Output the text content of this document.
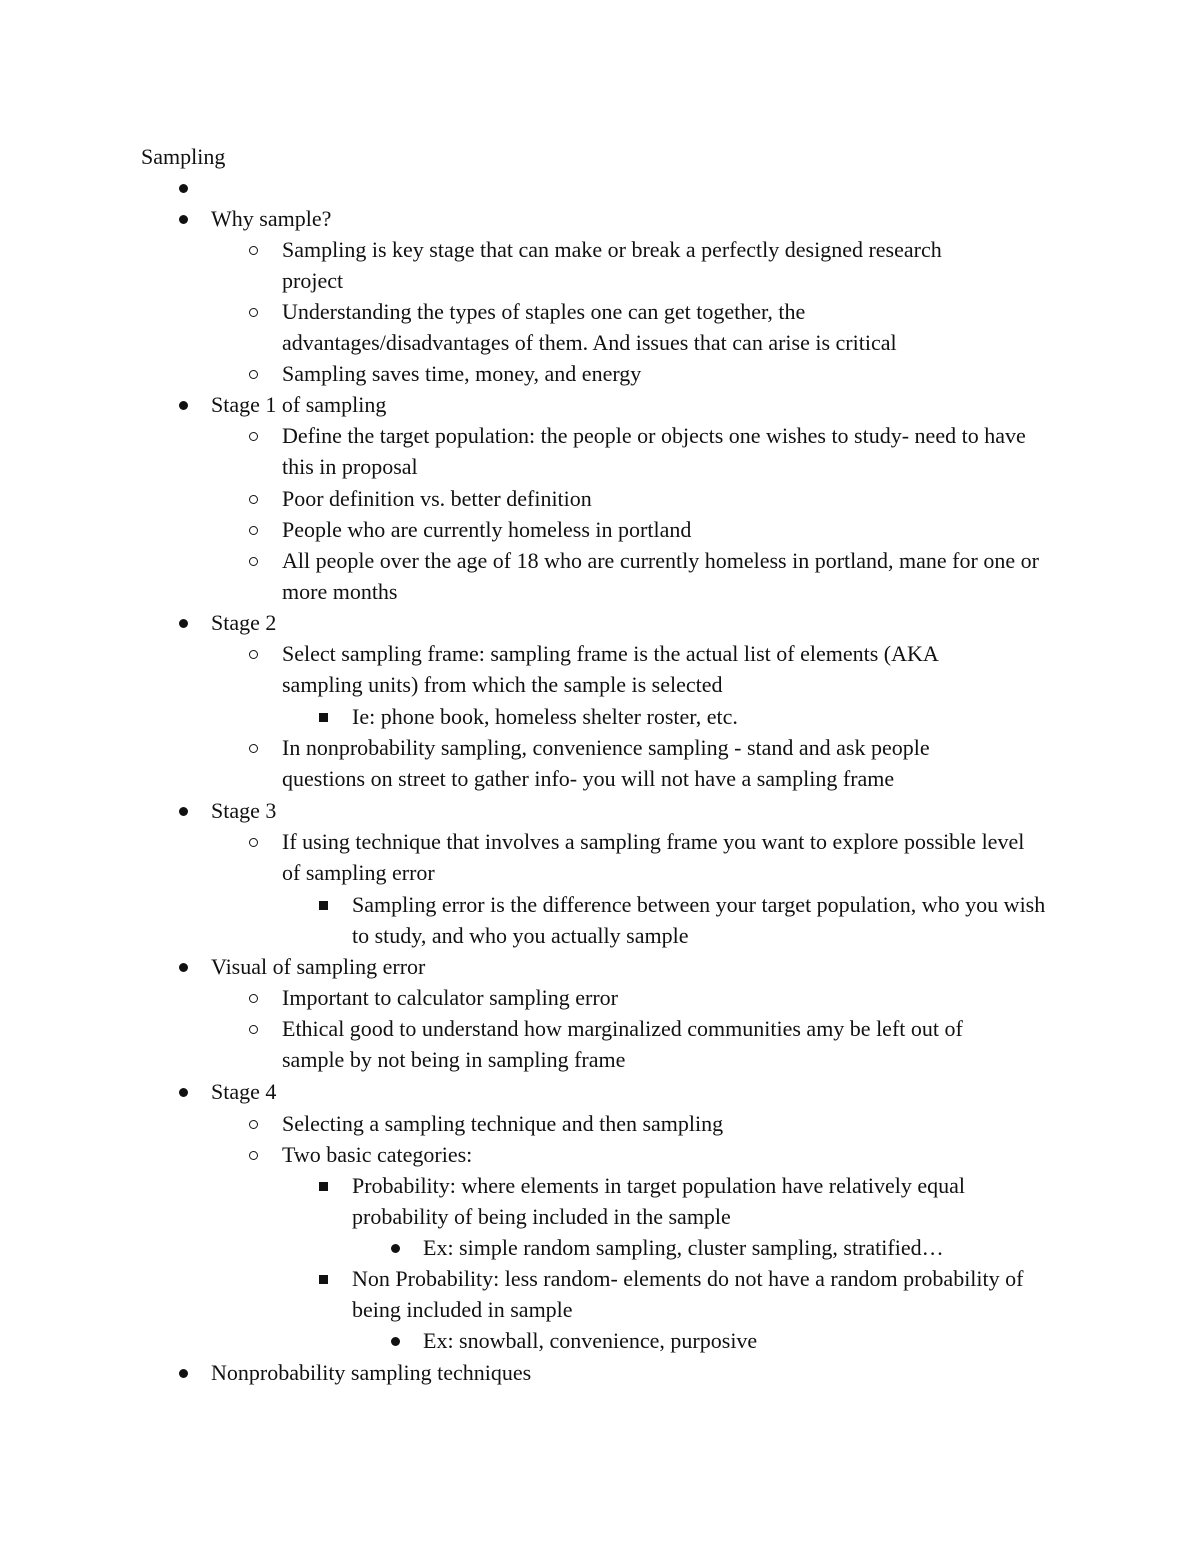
Sampling
Why sample?
Sampling is key stage that can make or break a perfectly designed research project
Understanding the types of staples one can get together, the advantages/disadvantages of them. And issues that can arise is critical
Sampling saves time, money, and energy
Stage 1 of sampling
Define the target population: the people or objects one wishes to study- need to have this in proposal
Poor definition vs. better definition
People who are currently homeless in portland
All people over the age of 18 who are currently homeless in portland, mane for one or more months
Stage 2
Select sampling frame: sampling frame is the actual list of elements (AKA sampling units) from which the sample is selected
Ie: phone book, homeless shelter roster, etc.
In nonprobability sampling, convenience sampling - stand and ask people questions on street to gather info- you will not have a sampling frame
Stage 3
If using technique that involves a sampling frame you want to explore possible level of sampling error
Sampling error is the difference between your target population, who you wish to study, and who you actually sample
Visual of sampling error
Important to calculator sampling error
Ethical good to understand how marginalized communities amy be left out of sample by not being in sampling frame
Stage 4
Selecting a sampling technique and then sampling
Two basic categories:
Probability: where elements in target population have relatively equal probability of being included in the sample
Ex: simple random sampling, cluster sampling, stratified…
Non Probability: less random- elements do not have a random probability of being included in sample
Ex: snowball, convenience, purposive
Nonprobability sampling techniques
